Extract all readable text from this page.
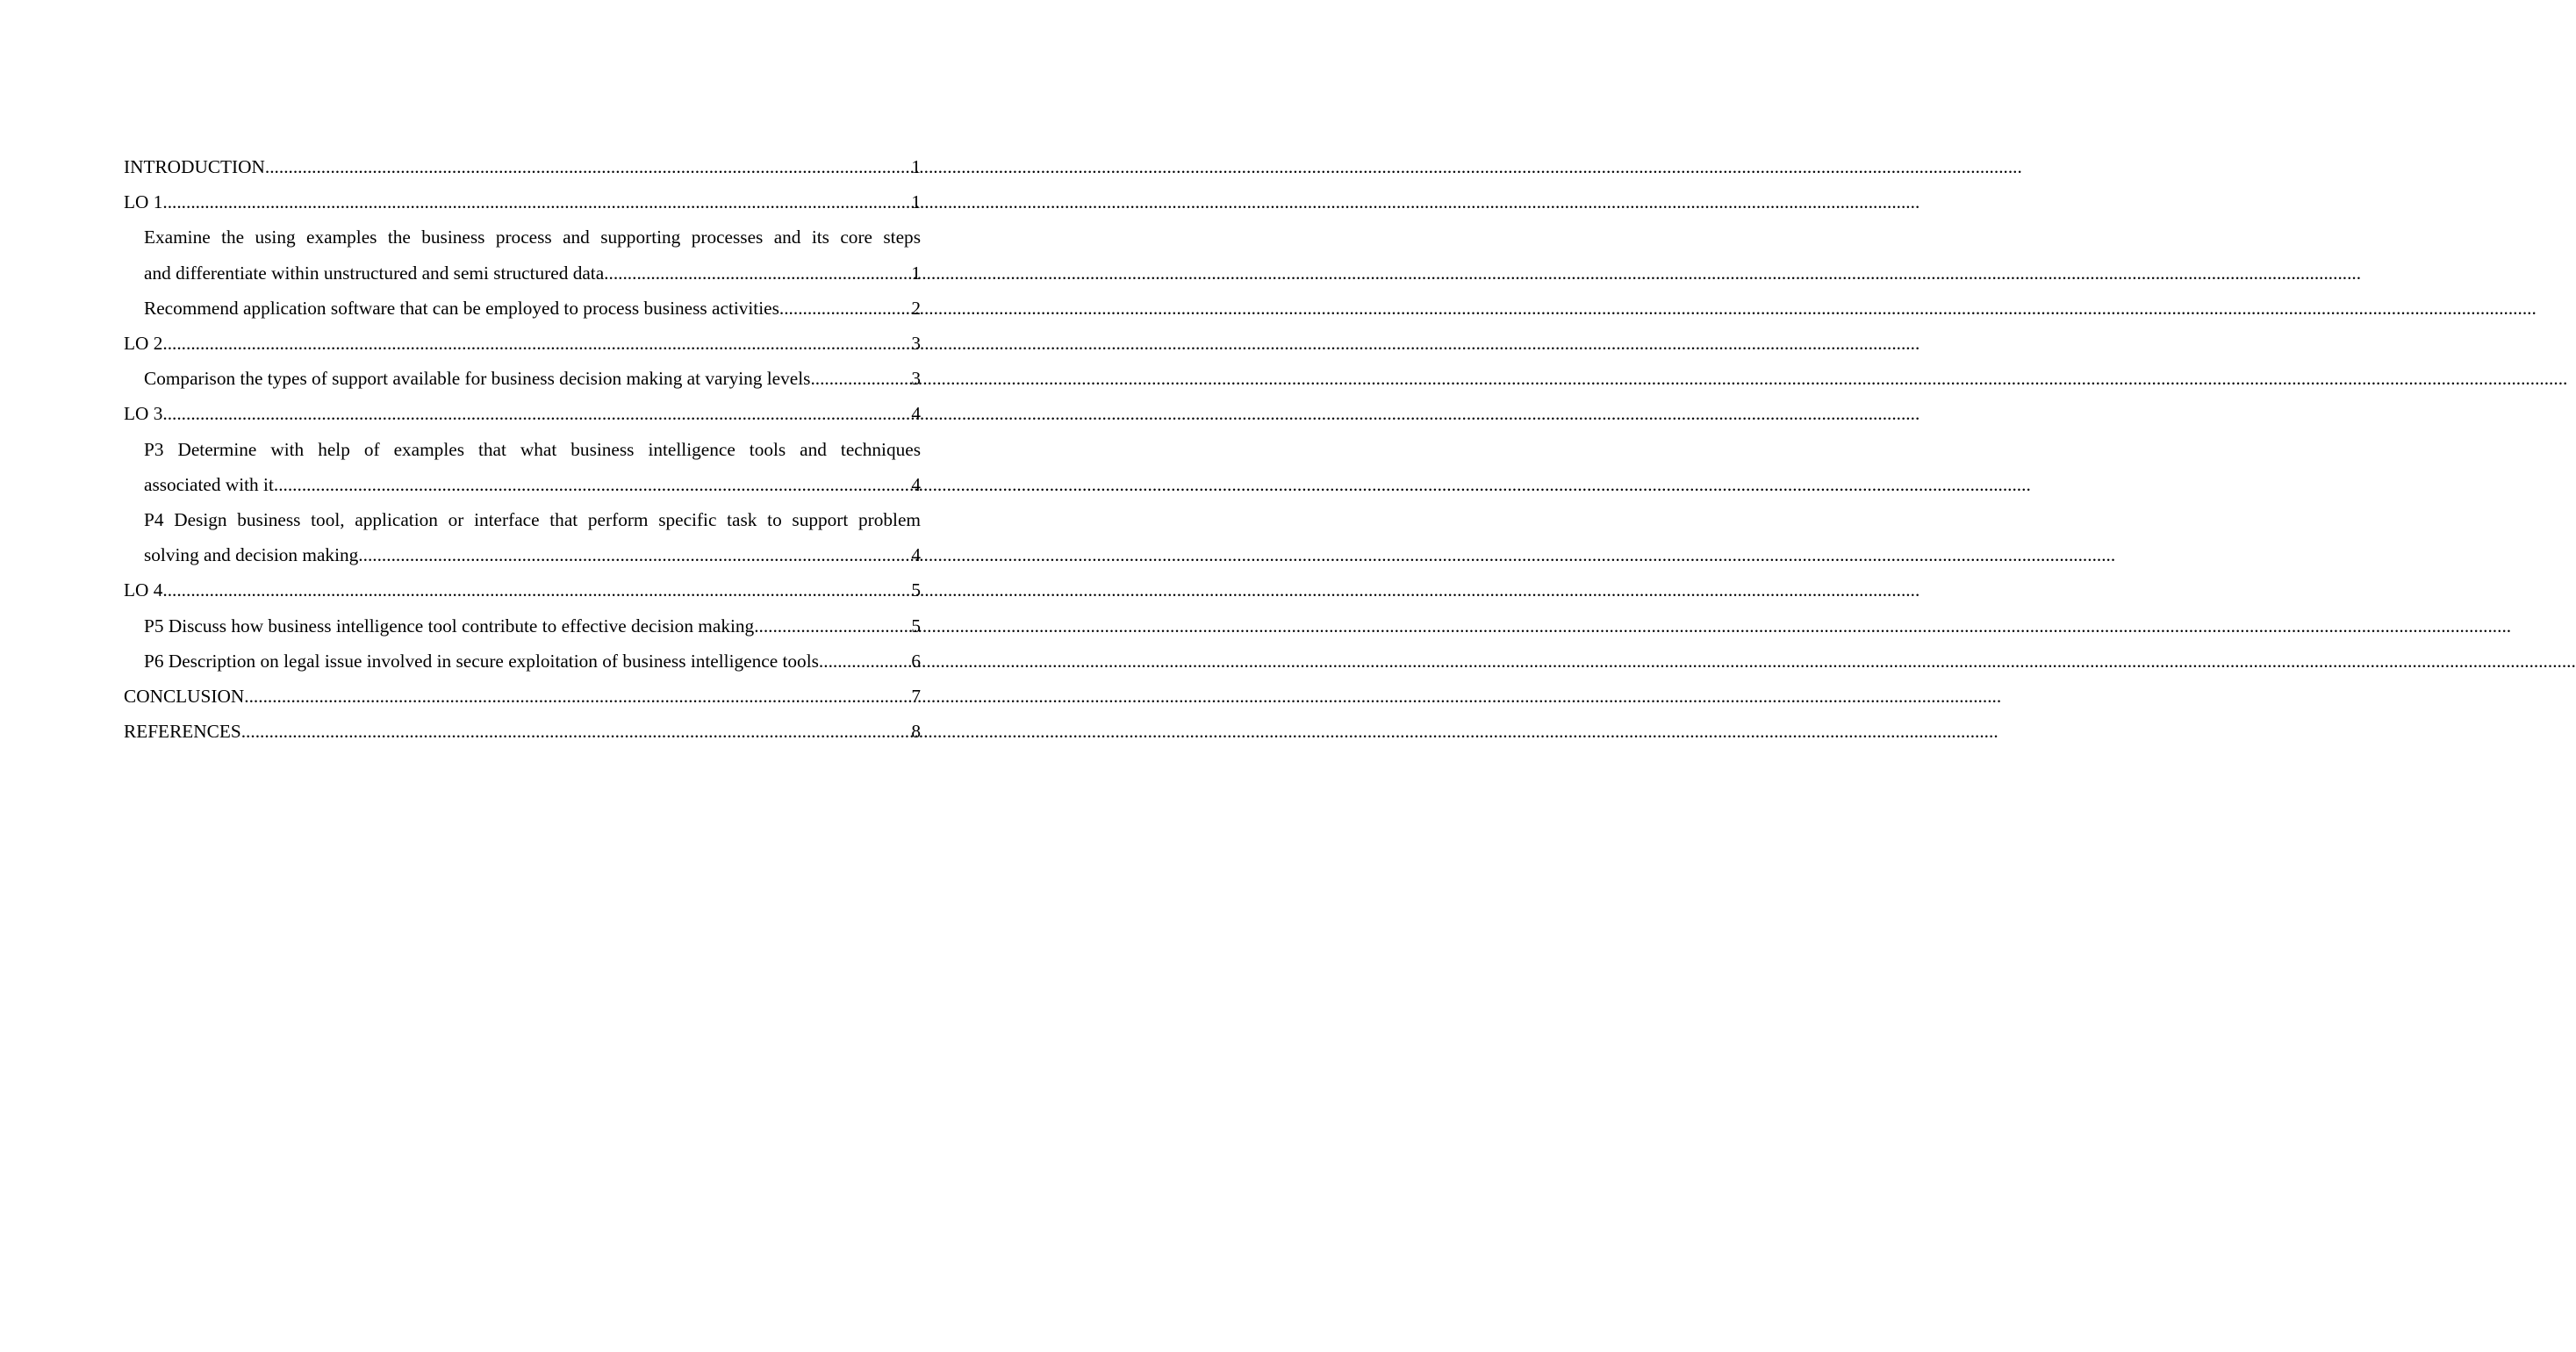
INTRODUCTION .....	1
LO 1 .....	1
Examine the using examples the business process and supporting processes and its core steps
and differentiate within unstructured and semi structured data .....	1
Recommend application software that can be employed to process business activities .....	2
LO 2 .....	3
Comparison the types of support available for business decision making at varying levels .....	3
LO 3 .....	4
P3 Determine with help of examples that what business intelligence tools and techniques
associated with it .....	4
P4 Design business tool, application or interface that perform specific task to support problem
solving and decision making .....	4
LO 4 .....	5
P5 Discuss how business intelligence tool contribute to effective decision making .....	5
P6 Description on legal issue involved in secure exploitation of business intelligence tools .....	6
CONCLUSION .....	7
REFERENCES .....	8
